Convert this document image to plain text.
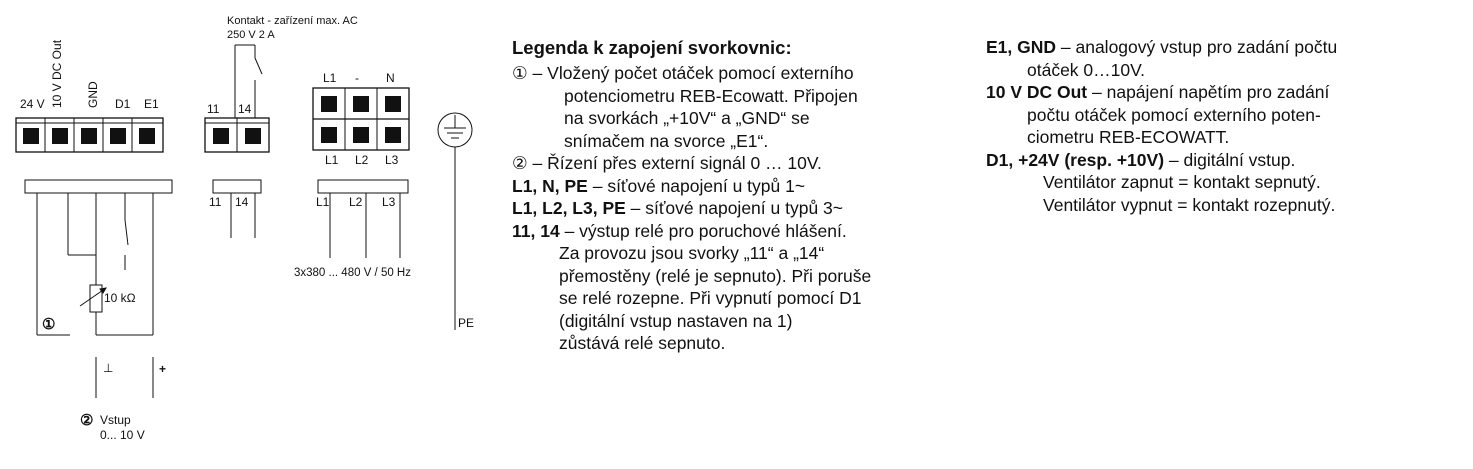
24 V 10 V DC Out GND D1 E1
10 kΩ
①
⊥	+
② Vstup
0... 10 V
Kontakt - zařízení max. AC
250 V 2 A
11 14
11 14
L1 - N
L1 L2 L3
L1 L2 L3
3x380 ... 480 V / 50 Hz
PE

Legenda k zapojení svorkovnic:

① – Vložený počet otáček pomocí externího

potenciometru REB-Ecowatt. Připojen

na svorkách „+10V“ a „GND“ se

snímačem na svorce „E1“.

② – Řízení přes externí signál 0 … 10V.

L1, N, PE – síťové napojení u typů 1~

L1, L2, L3, PE – síťové napojení u typů 3~

11, 14 – výstup relé pro poruchové hlášení.

Za provozu jsou svorky „11“ a „14“

přemostěny (relé je sepnuto). Při poruše

se relé rozepne. Při vypnutí pomocí D1

(digitální vstup nastaven na 1)

zůstává relé sepnuto.

E1, GND – analogový vstup pro zadání počtu

otáček 0…10V.

10 V DC Out – napájení napětím pro zadání

počtu otáček pomocí externího poten-

ciometru REB-ECOWATT.

D1, +24V (resp. +10V) – digitální vstup.

Ventilátor zapnut = kontakt sepnutý.

Ventilátor vypnut = kontakt rozepnutý.
